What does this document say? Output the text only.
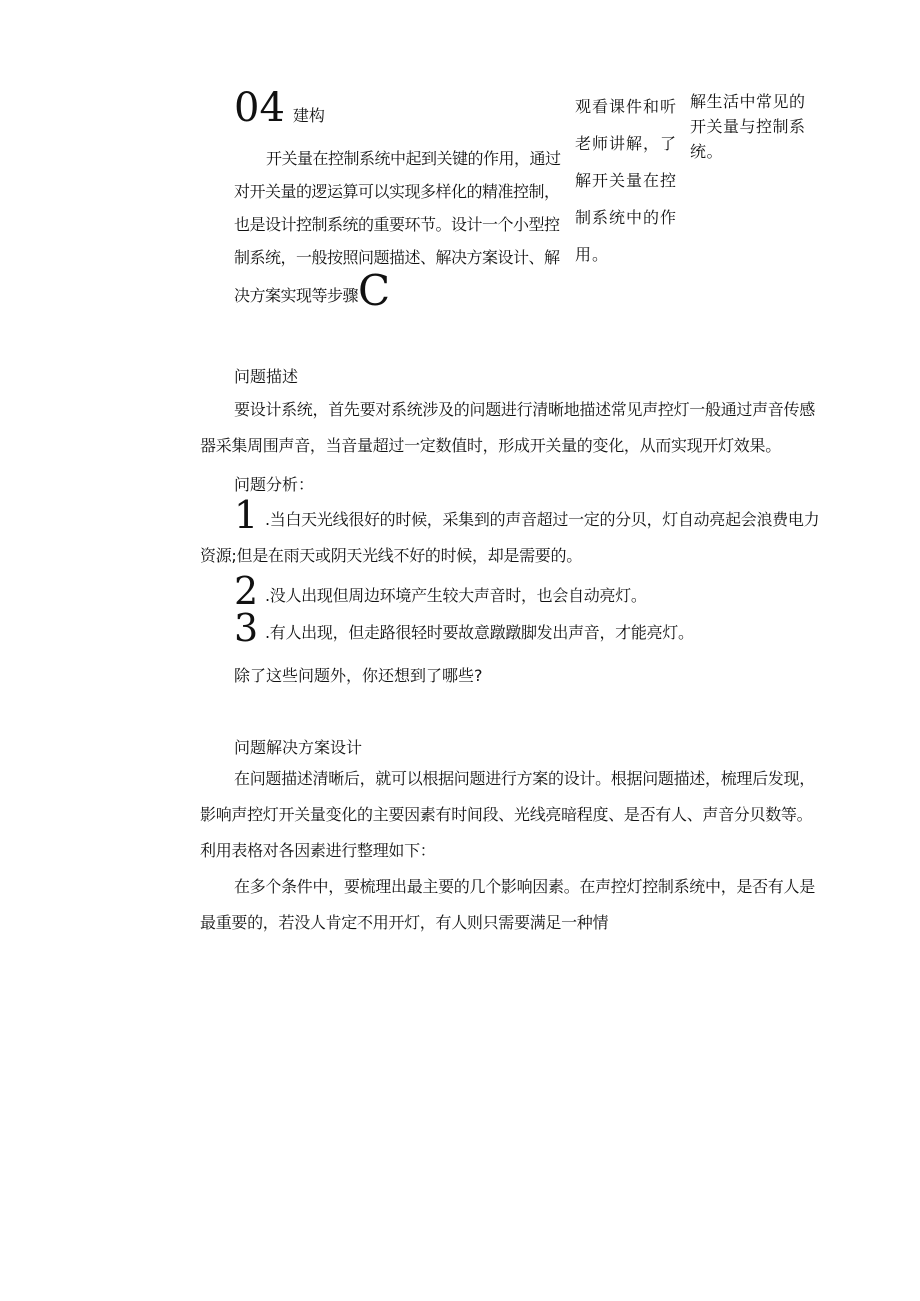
04 建构
开关量在控制系统中起到关键的作用，通过对开关量的逻运算可以实现多样化的精准控制，也是设计控制系统的重要环节。设计一个小型控制系统，一般按照问题描述、解决方案设计、解决方案实现等步骤C
观看课件和听老师讲解，了解开关量在控制系统中的作用。
解生活中常见的开关量与控制系统。
问题描述
要设计系统，首先要对系统涉及的问题进行清晰地描述常见声控灯一般通过声音传感器采集周围声音，当音量超过一定数值时，形成开关量的变化，从而实现开灯效果。
问题分析：
1 .当白天光线很好的时候，采集到的声音超过一定的分贝，灯自动亮起会浪费电力资源;但是在雨天或阴天光线不好的时候，却是需要的。
2 .没人出现但周边环境产生较大声音时，也会自动亮灯。
3 .有人出现，但走路很轻时要故意蹾蹾脚发出声音，才能亮灯。
除了这些问题外，你还想到了哪些?
问题解决方案设计
在问题描述清晰后，就可以根据问题进行方案的设计。根据问题描述，梳理后发现，影响声控灯开关量变化的主要因素有时间段、光线亮暗程度、是否有人、声音分贝数等。利用表格对各因素进行整理如下：
在多个条件中，要梳理出最主要的几个影响因素。在声控灯控制系统中，是否有人是最重要的，若没人肯定不用开灯，有人则只需要满足一种情
